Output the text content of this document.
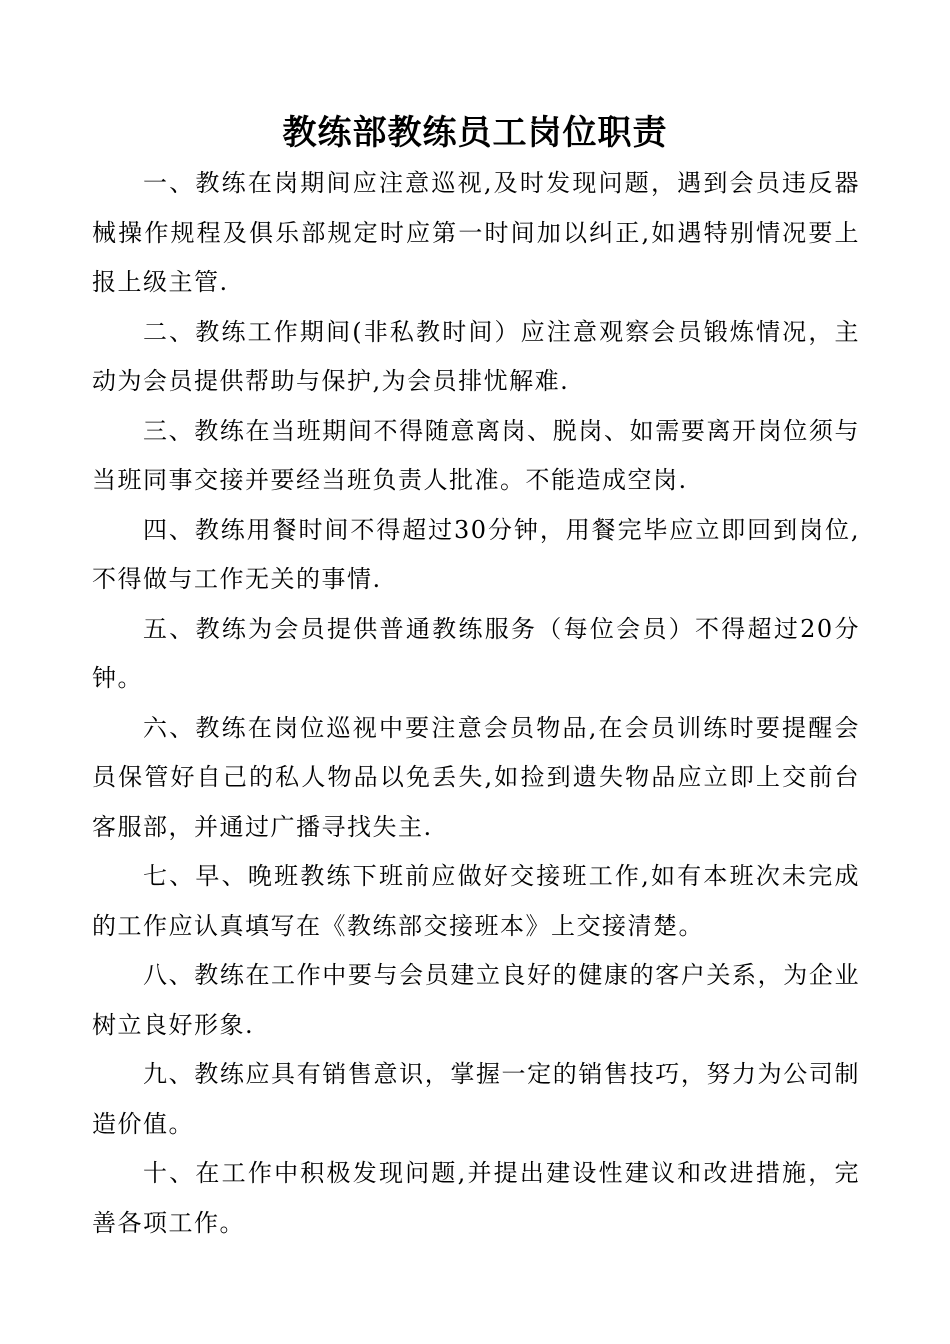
教练部教练员工岗位职责

一、教练在岗期间应注意巡视,及时发现问题，遇到会员违反器械操作规程及俱乐部规定时应第一时间加以纠正,如遇特别情况要上报上级主管.

二、教练工作期间(非私教时间）应注意观察会员锻炼情况，主动为会员提供帮助与保护,为会员排忧解难.

三、教练在当班期间不得随意离岗、脱岗、如需要离开岗位须与当班同事交接并要经当班负责人批准。不能造成空岗.

四、教练用餐时间不得超过30分钟，用餐完毕应立即回到岗位,不得做与工作无关的事情.

五、教练为会员提供普通教练服务（每位会员）不得超过20分钟。

六、教练在岗位巡视中要注意会员物品,在会员训练时要提醒会员保管好自己的私人物品以免丢失,如捡到遗失物品应立即上交前台客服部，并通过广播寻找失主.

七、早、晚班教练下班前应做好交接班工作,如有本班次未完成的工作应认真填写在《教练部交接班本》上交接清楚。

八、教练在工作中要与会员建立良好的健康的客户关系，为企业树立良好形象.

九、教练应具有销售意识，掌握一定的销售技巧，努力为公司制造价值。

十、在工作中积极发现问题,并提出建设性建议和改进措施，完善各项工作。
